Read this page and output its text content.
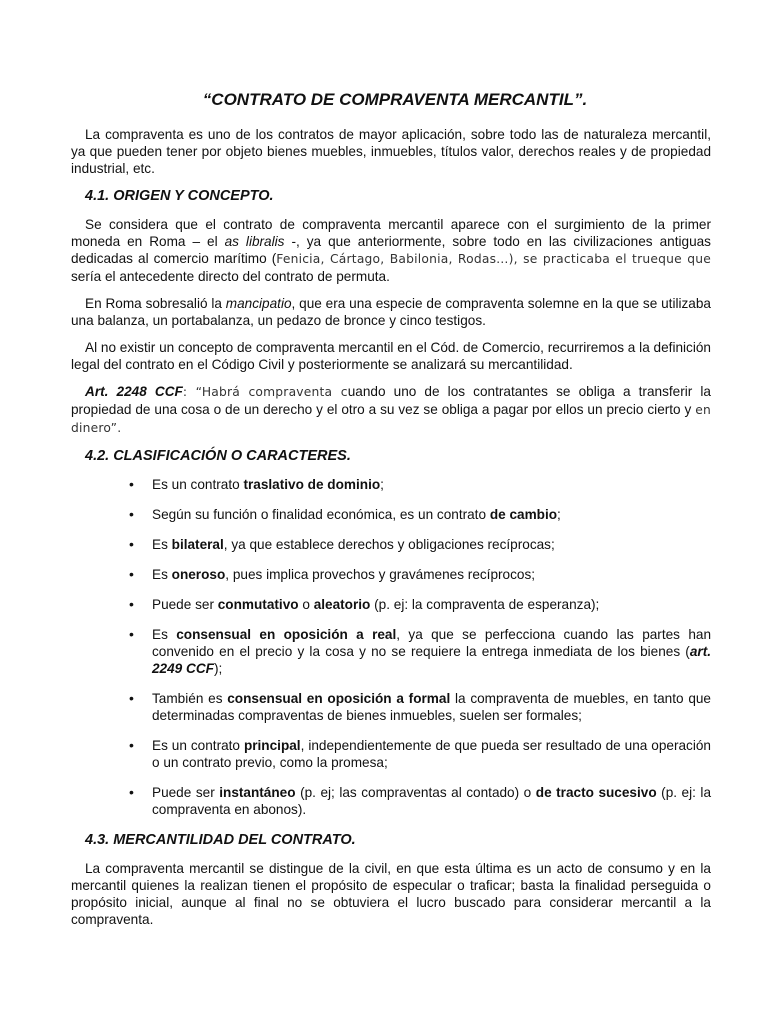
“CONTRATO DE COMPRAVENTA MERCANTIL”.

La compraventa es uno de los contratos de mayor aplicación, sobre todo las de naturaleza mercantil, ya que pueden tener por objeto bienes muebles, inmuebles, títulos valor, derechos reales y de propiedad industrial, etc.

4.1. ORIGEN Y CONCEPTO.

Se considera que el contrato de compraventa mercantil aparece con el surgimiento de la primer moneda en Roma – el as libralis -, ya que anteriormente, sobre todo en las civilizaciones antiguas dedicadas al comercio marítimo (Fenicia, Cártago, Babilonia, Rodas…), se practicaba el trueque que sería el antecedente directo del contrato de permuta.

En Roma sobresalió la mancipatio, que era una especie de compraventa solemne en la que se utilizaba una balanza, un portabalanza, un pedazo de bronce y cinco testigos.

Al no existir un concepto de compraventa mercantil en el Cód. de Comercio, recurriremos a la definición legal del contrato en el Código Civil y posteriormente se analizará su mercantilidad.

Art. 2248 CCF: “Habrá compraventa cuando uno de los contratantes se obliga a transferir la propiedad de una cosa o de un derecho y el otro a su vez se obliga a pagar por ellos un precio cierto y en dinero”.

4.2. CLASIFICACIÓN O CARACTERES.
• Es un contrato traslativo de dominio;
• Según su función o finalidad económica, es un contrato de cambio;
• Es bilateral, ya que establece derechos y obligaciones recíprocas;
• Es oneroso, pues implica provechos y gravámenes recíprocos;
• Puede ser conmutativo o aleatorio (p. ej: la compraventa de esperanza);
• Es consensual en oposición a real, ya que se perfecciona cuando las partes han convenido en el precio y la cosa y no se requiere la entrega inmediata de los bienes (art. 2249 CCF);
• También es consensual en oposición a formal la compraventa de muebles, en tanto que determinadas compraventas de bienes inmuebles, suelen ser formales;
• Es un contrato principal, independientemente de que pueda ser resultado de una operación o un contrato previo, como la promesa;
• Puede ser instantáneo (p. ej; las compraventas al contado) o de tracto sucesivo (p. ej: la compraventa en abonos).
4.3. MERCANTILIDAD DEL CONTRATO.

La compraventa mercantil se distingue de la civil, en que esta última es un acto de consumo y en la mercantil quienes la realizan tienen el propósito de especular o traficar; basta la finalidad perseguida o propósito inicial, aunque al final no se obtuviera el lucro buscado para considerar mercantil a la compraventa.
